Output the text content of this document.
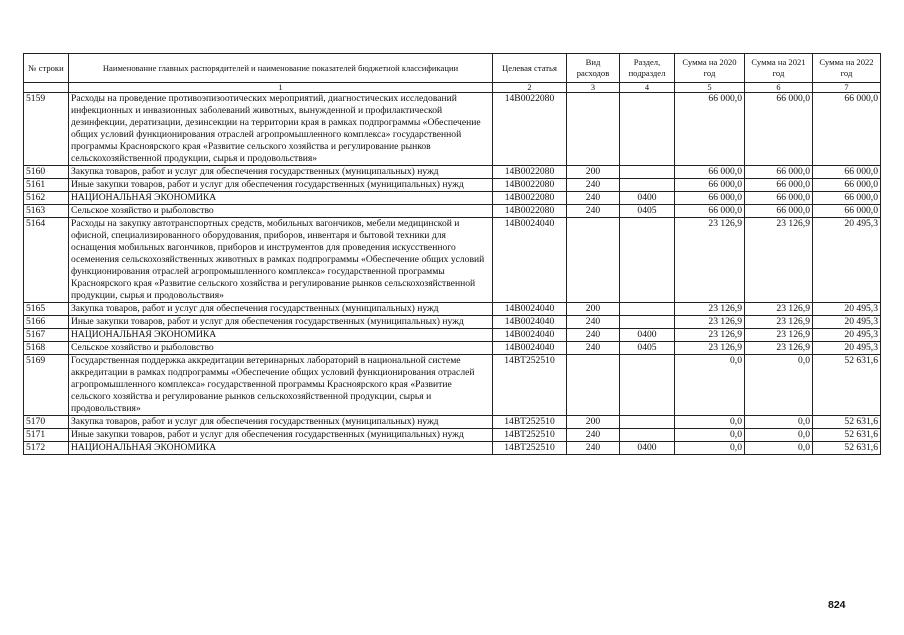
№ строки	Наименование главных распорядителей и наименование показателей бюджетной классификации	Целевая статья	Вид расходов	Раздел, подраздел	Сумма на 2020 год	Сумма на 2021 год	Сумма на 2022 год
	1	2	3	4	5	6	7
5159	Расходы на проведение противоэпизоотических мероприятий, диагностических исследований инфекционных и инвазионных заболеваний животных, вынужденной и профилактической дезинфекции, дератизации, дезинсекции на территории края в рамках подпрограммы «Обеспечение общих условий функционирования отраслей агропромышленного комплекса» государственной программы Красноярского края «Развитие сельского хозяйства и регулирование рынков сельскохозяйственной продукции, сырья и продовольствия»	14В0022080			66 000,0	66 000,0	66 000,0
5160	Закупка товаров, работ и услуг для обеспечения государственных (муниципальных) нужд	14В0022080	200		66 000,0	66 000,0	66 000,0
5161	Иные закупки товаров, работ и услуг для обеспечения государственных (муниципальных) нужд	14В0022080	240		66 000,0	66 000,0	66 000,0
5162	НАЦИОНАЛЬНАЯ ЭКОНОМИКА	14В0022080	240	0400	66 000,0	66 000,0	66 000,0
5163	Сельское хозяйство и рыболовство	14В0022080	240	0405	66 000,0	66 000,0	66 000,0
5164	Расходы на закупку автотранспортных средств, мобильных вагончиков, мебели медицинской и офисной, специализированного оборудования, приборов, инвентаря и бытовой техники для оснащения мобильных вагончиков, приборов и инструментов для проведения искусственного осеменения сельскохозяйственных животных в рамках подпрограммы «Обеспечение общих условий функционирования отраслей агропромышленного комплекса» государственной программы Красноярского края «Развитие сельского хозяйства и регулирование рынков сельскохозяйственной продукции, сырья и продовольствия»	14В0024040			23 126,9	23 126,9	20 495,3
5165	Закупка товаров, работ и услуг для обеспечения государственных (муниципальных) нужд	14В0024040	200		23 126,9	23 126,9	20 495,3
5166	Иные закупки товаров, работ и услуг для обеспечения государственных (муниципальных) нужд	14В0024040	240		23 126,9	23 126,9	20 495,3
5167	НАЦИОНАЛЬНАЯ ЭКОНОМИКА	14В0024040	240	0400	23 126,9	23 126,9	20 495,3
5168	Сельское хозяйство и рыболовство	14В0024040	240	0405	23 126,9	23 126,9	20 495,3
5169	Государственная поддержка аккредитации ветеринарных лабораторий в национальной системе аккредитации в рамках подпрограммы «Обеспечение общих условий функционирования отраслей агропромышленного комплекса» государственной программы Красноярского края «Развитие сельского хозяйства и регулирование рынков сельскохозяйственной продукции, сырья и продовольствия»	14ВТ252510			0,0	0,0	52 631,6
5170	Закупка товаров, работ и услуг для обеспечения государственных (муниципальных) нужд	14ВТ252510	200		0,0	0,0	52 631,6
5171	Иные закупки товаров, работ и услуг для обеспечения государственных (муниципальных) нужд	14ВТ252510	240		0,0	0,0	52 631,6
5172	НАЦИОНАЛЬНАЯ ЭКОНОМИКА	14ВТ252510	240	0400	0,0	0,0	52 631,6
824
